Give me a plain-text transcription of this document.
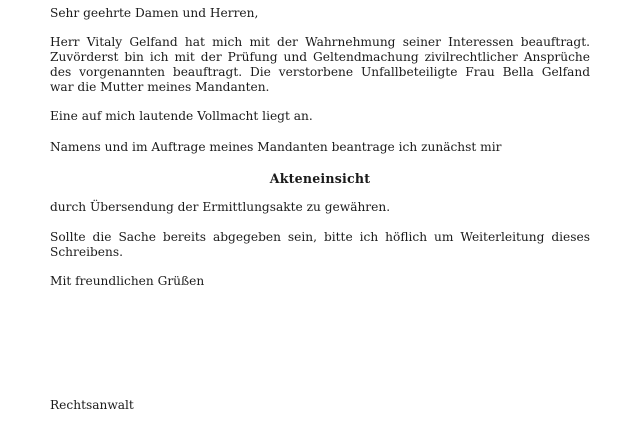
Sehr geehrte Damen und Herren,
Herr Vitaly Gelfand hat mich mit der Wahrnehmung seiner Interessen beauftragt.
Zuvörderst bin ich mit der Prüfung und Geltendmachung zivilrechtlicher Ansprüche
des vorgenannten beauftragt. Die verstorbene Unfallbeteiligte Frau Bella Gelfand
war die Mutter meines Mandanten.
Eine auf mich lautende Vollmacht liegt an.
Namens und im Auftrage meines Mandanten beantrage ich zunächst mir
Akteneinsicht
durch Übersendung der Ermittlungsakte zu gewähren.
Sollte die Sache bereits abgegeben sein, bitte ich höflich um Weiterleitung dieses
Schreibens.
Mit freundlichen Grüßen
Rechtsanwalt
